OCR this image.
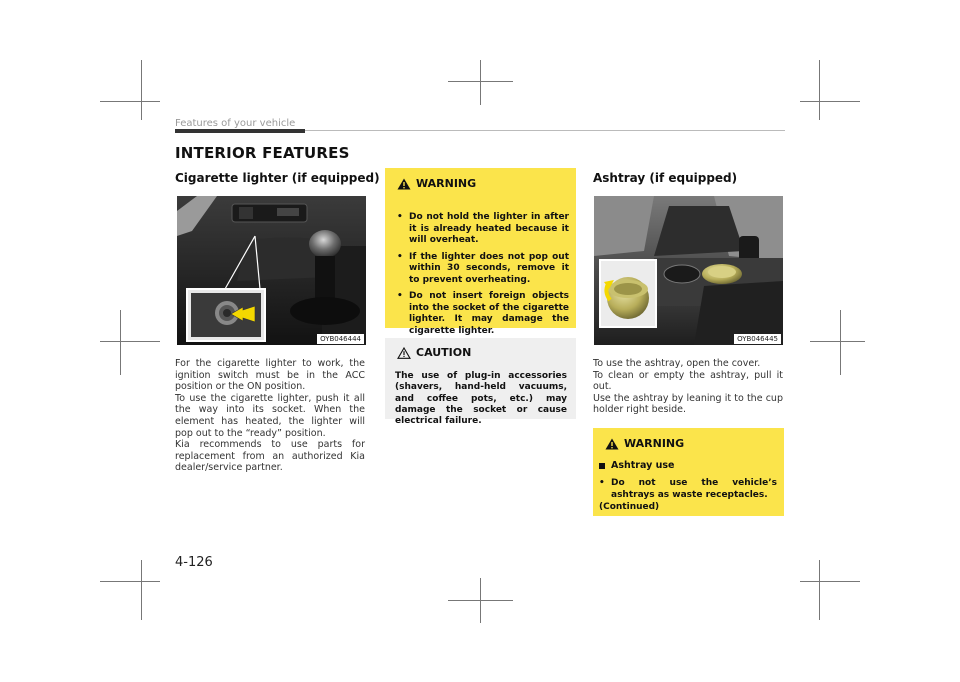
Features of your vehicle
INTERIOR FEATURES
Cigarette lighter (if equipped)
OYB046444

For the cigarette lighter to work, the ignition switch must be in the ACC position or the ON position.

To use the cigarette lighter, push it all the way into its socket. When the element has heated, the lighter will pop out to the “ready” position.

Kia recommends to use parts for replacement from an authorized Kia dealer/service partner.

WARNING
• Do not hold the lighter in after it is already heated because it will overheat.
• If the lighter does not pop out within 30 seconds, remove it to prevent overheating.
• Do not insert foreign objects into the socket of the cigarette lighter. It may damage the cigarette lighter.
CAUTION
The use of plug-in accessories (shavers, hand-held vacuums, and coffee pots, etc.) may damage the socket or cause electrical failure.
Ashtray (if equipped)
OYB046445

To use the ashtray, open the cover.

To clean or empty the ashtray, pull it out.

Use the ashtray by leaning it to the cup holder right beside.

WARNING
Ashtray use
• Do not use the vehicle’s ashtrays as waste receptacles.
(Continued)
4-126
